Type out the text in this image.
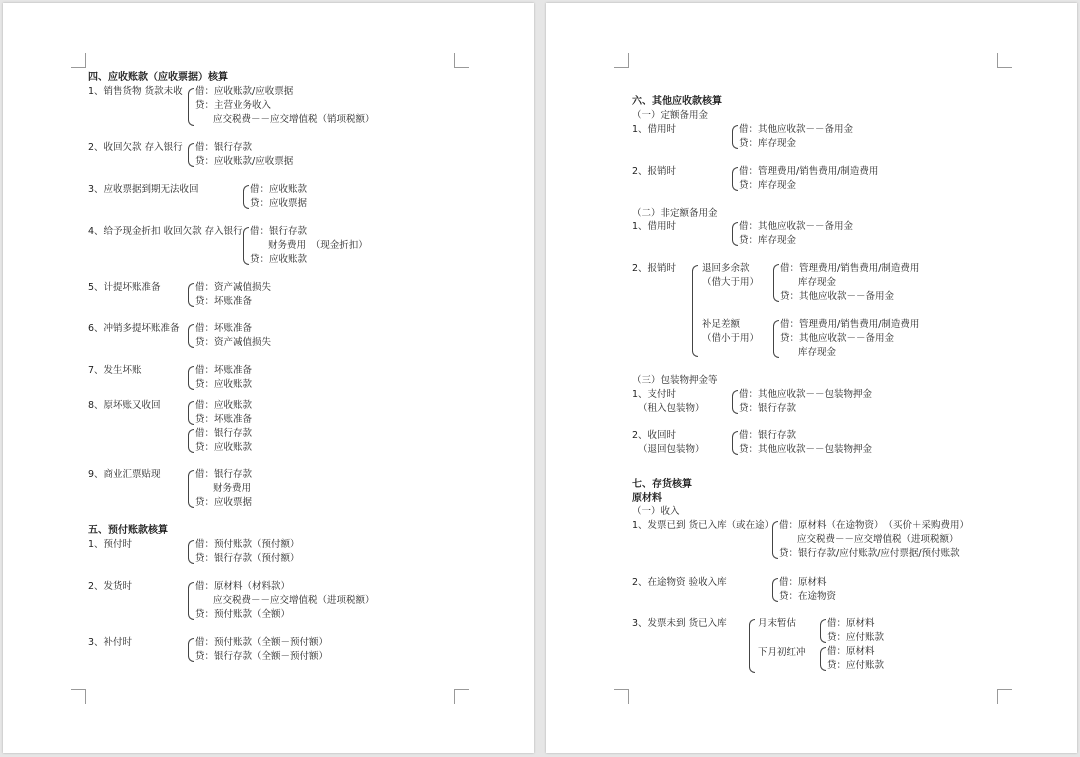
四、应收账款（应收票据）核算
1、销售货物 货款未收 借：应收账款/应收票据
贷：主营业务收入
应交税费－－应交增值税（销项税额）
2、收回欠款 存入银行 借：银行存款
贷：应收账款/应收票据
3、应收票据到期无法收回	借：应收账款
贷：应收票据
4、给予现金折扣 收回欠款 存入银行 借：银行存款
财务费用　（现金折扣）
贷：应收账款
5、计提坏账准备	借：资产减值损失
贷：坏账准备
6、冲销多提坏账准备 借：坏账准备
贷：资产减值损失
7、发生坏账	借：坏账准备
贷：应收账款
8、原坏账又收回	借：应收账款
贷：坏账准备
借：银行存款
贷：应收账款
9、商业汇票贴现	借：银行存款
财务费用
贷：应收票据
五、预付账款核算
1、预付时	借：预付账款（预付额）
贷：银行存款（预付额）
2、发货时	借：原材料（材料款）
应交税费－－应交增值税（进项税额）
贷：预付账款（全额）
3、补付时	借：预付账款（全额－预付额）
贷：银行存款（全额－预付额）
六、其他应收款核算
（一）定额备用金
1、借用时	借：其他应收款－－备用金
贷：库存现金
2、报销时	借：管理费用/销售费用/制造费用
贷：库存现金
（二）非定额备用金
1、借用时	借：其他应收款－－备用金
贷：库存现金
2、报销时	退回多余款
（借大于用）
借：管理费用/销售费用/制造费用
库存现金
贷：其他应收款－－备用金
补足差额
（借小于用）
借：管理费用/销售费用/制造费用
贷：其他应收款－－备用金
库存现金
（三）包装物押金等
1、支付时
（租入包装物）
借：其他应收款－－包装物押金
贷：银行存款
2、收回时
（退回包装物）
借：银行存款
贷：其他应收款－－包装物押金
七、存货核算
原材料
（一）收入
1、发票已到 货已入库（或在途） 借：原材料（在途物资）　（买价＋采购费用）
应交税费－－应交增值税（进项税额）
贷：银行存款/应付账款/应付票据/预付账款
2、在途物资 验收入库	借：原材料
贷：在途物资
3、发票未到 货已入库	月末暂估	借：原材料
贷：应付账款
下月初红冲 借：原材料
贷：应付账款
